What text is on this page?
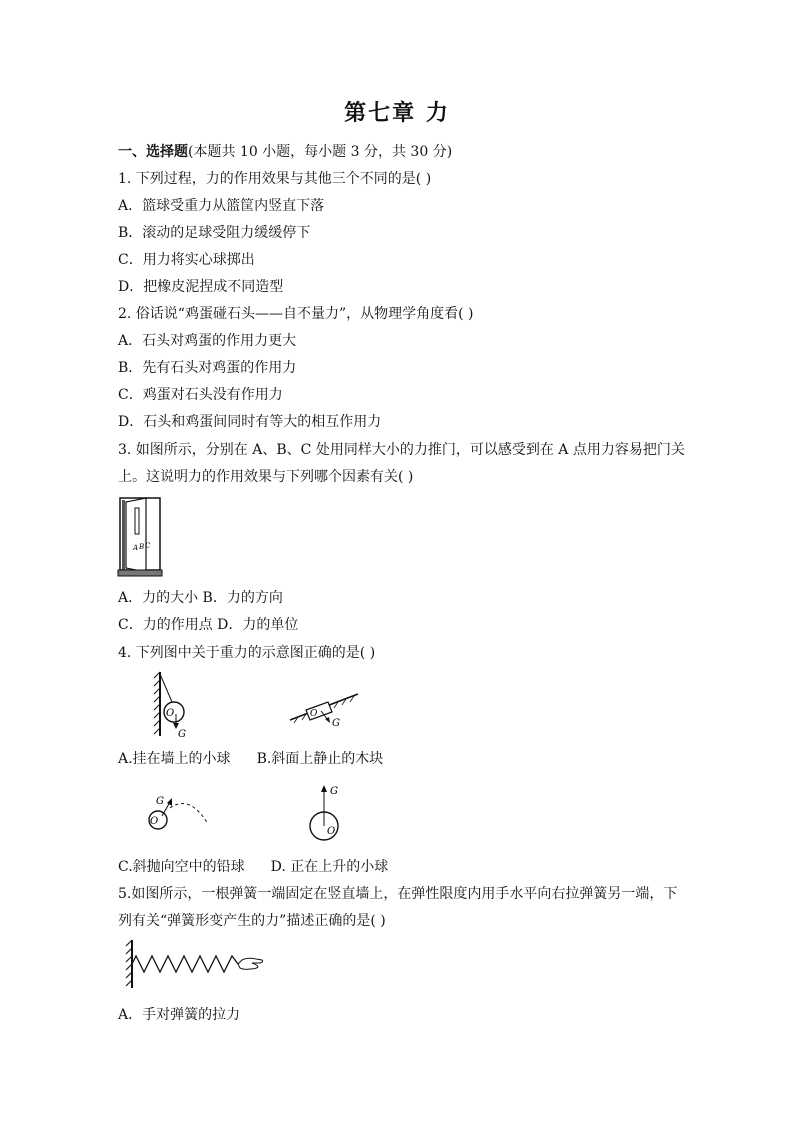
第七章 力
一、选择题(本题共 10 小题，每小题 3 分，共 30 分)
1. 下列过程，力的作用效果与其他三个不同的是( )
A．篮球受重力从篮筐内竖直下落
B．滚动的足球受阻力缓缓停下
C．用力将实心球掷出
D．把橡皮泥捏成不同造型
2. 俗话说“鸡蛋碰石头——自不量力”，从物理学角度看( )
A．石头对鸡蛋的作用力更大
B．先有石头对鸡蛋的作用力
C．鸡蛋对石头没有作用力
D．石头和鸡蛋间同时有等大的相互作用力
3. 如图所示，分别在 A、B、C 处用同样大小的力推门，可以感受到在 A 点用力容易把门关
上。这说明力的作用效果与下列哪个因素有关( )
A B C
A．力的大小 B．力的方向
C．力的作用点 D．力的单位
4. 下列图中关于重力的示意图正确的是( )
O
G
O
G
A.挂在墙上的小球 B.斜面上静止的木块
O
G
O
G
C.斜抛向空中的铅球 D. 正在上升的小球
5.如图所示，一根弹簧一端固定在竖直墙上，在弹性限度内用手水平向右拉弹簧另一端，下
列有关“弹簧形变产生的力”描述正确的是( )
A．手对弹簧的拉力
